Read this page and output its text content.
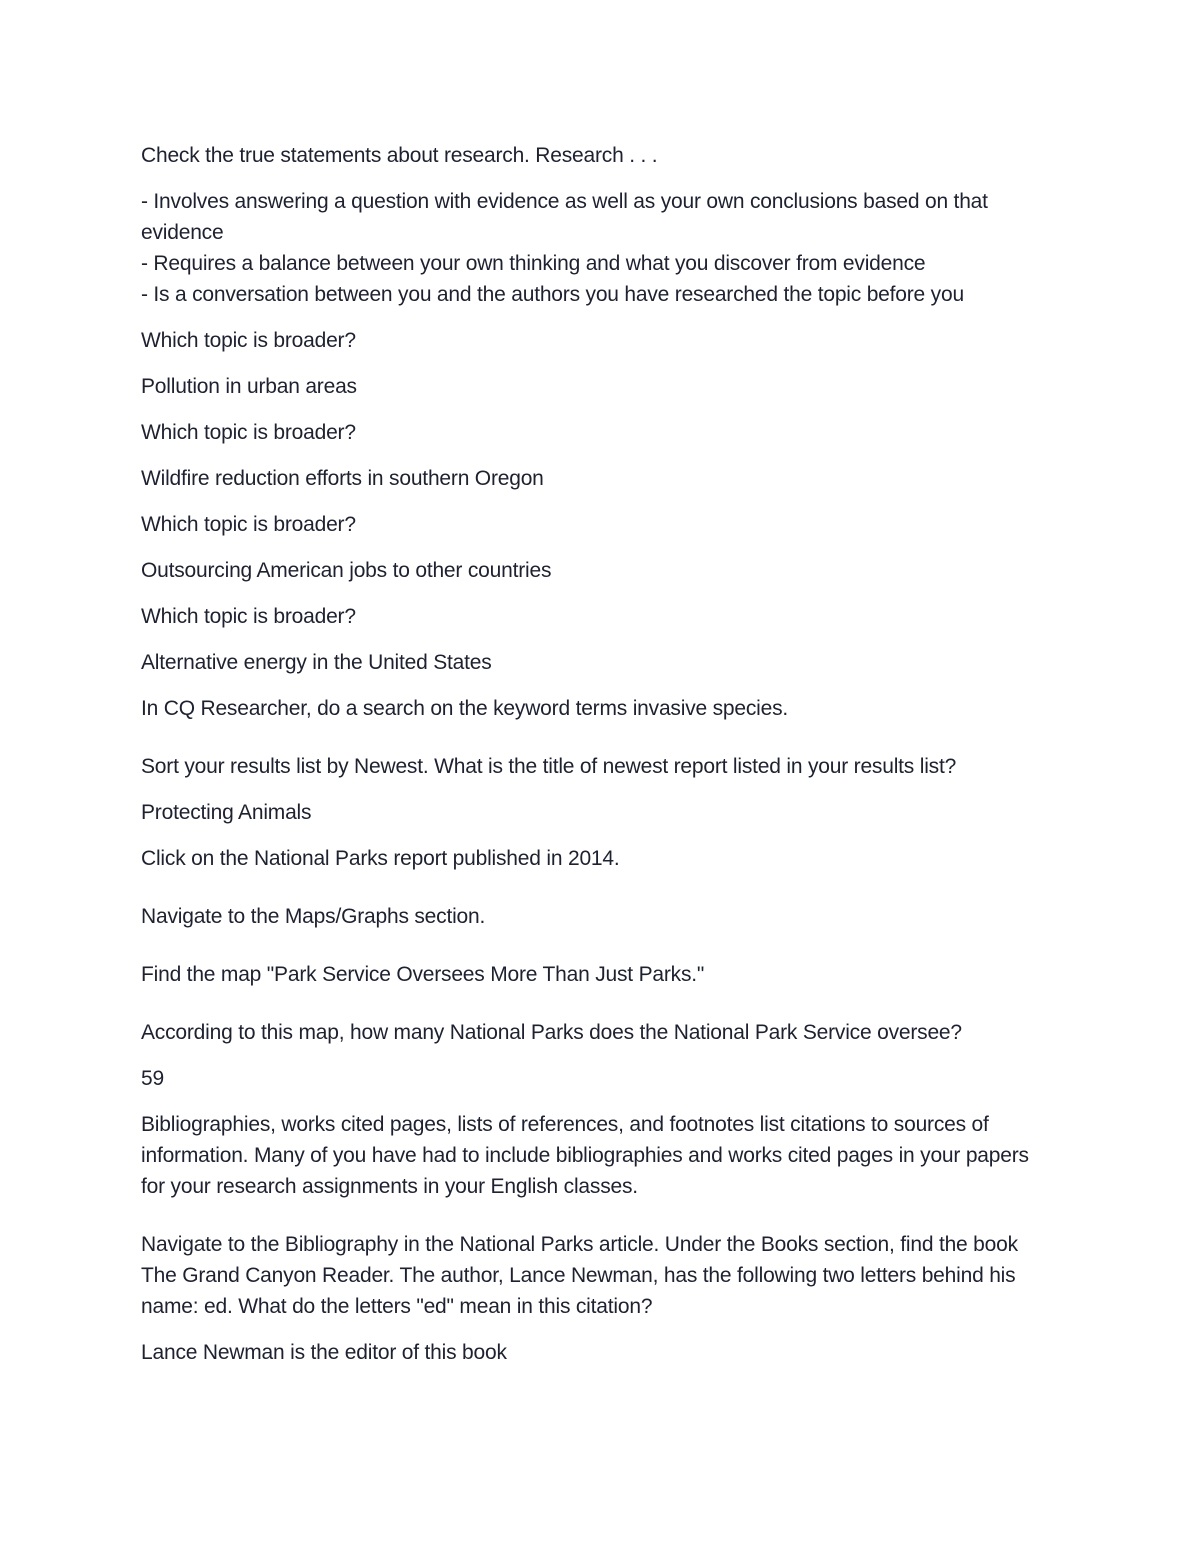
Check the true statements about research. Research . . .

- Involves answering a question with evidence as well as your own conclusions based on that evidence
- Requires a balance between your own thinking and what you discover from evidence
- Is a conversation between you and the authors you have researched the topic before you

Which topic is broader?

Pollution in urban areas

Which topic is broader?

Wildfire reduction efforts in southern Oregon

Which topic is broader?

Outsourcing American jobs to other countries

Which topic is broader?

Alternative energy in the United States

In CQ Researcher, do a search on the keyword terms invasive species.

Sort your results list by Newest. What is the title of newest report listed in your results list?

Protecting Animals

Click on the National Parks report published in 2014.

Navigate to the Maps/Graphs section.

Find the map "Park Service Oversees More Than Just Parks."

According to this map, how many National Parks does the National Park Service oversee?

59

Bibliographies, works cited pages, lists of references, and footnotes list citations to sources of information. Many of you have had to include bibliographies and works cited pages in your papers for your research assignments in your English classes.

Navigate to the Bibliography in the National Parks article. Under the Books section, find the book The Grand Canyon Reader. The author, Lance Newman, has the following two letters behind his name: ed. What do the letters "ed" mean in this citation?

Lance Newman is the editor of this book
